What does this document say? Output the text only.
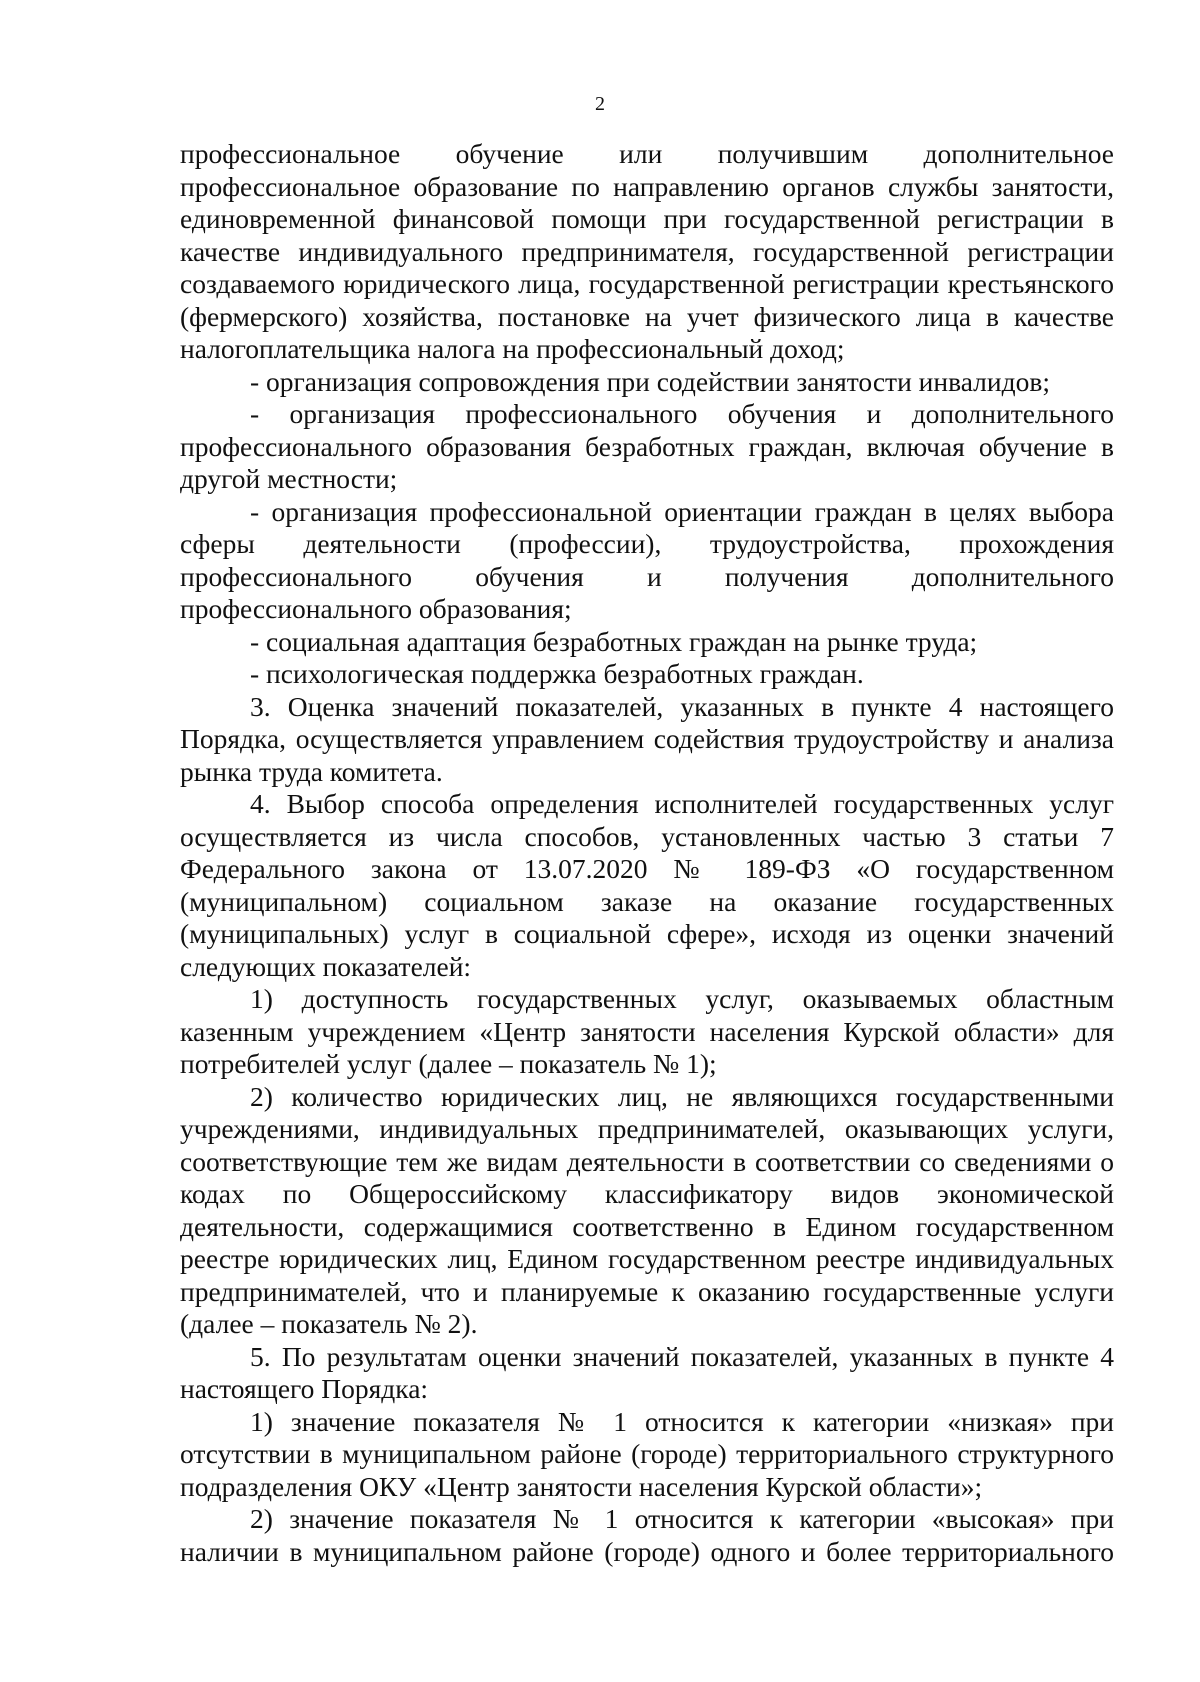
2

профессиональное обучение или получившим дополнительное профессиональное образование по направлению органов службы занятости, единовременной финансовой помощи при государственной регистрации в качестве индивидуального предпринимателя, государственной регистрации создаваемого юридического лица, государственной регистрации крестьянского (фермерского) хозяйства, постановке на учет физического лица в качестве налогоплательщика налога на профессиональный доход;

- организация сопровождения при содействии занятости инвалидов;

- организация профессионального обучения и дополнительного профессионального образования безработных граждан, включая обучение в другой местности;

- организация профессиональной ориентации граждан в целях выбора сферы деятельности (профессии), трудоустройства, прохождения профессионального обучения и получения дополнительного профессионального образования;

- социальная адаптация безработных граждан на рынке труда;

- психологическая поддержка безработных граждан.

3. Оценка значений показателей, указанных в пункте 4 настоящего Порядка, осуществляется управлением содействия трудоустройству и анализа рынка труда комитета.

4. Выбор способа определения исполнителей государственных услуг осуществляется из числа способов, установленных частью 3 статьи 7 Федерального закона от 13.07.2020 № 189-ФЗ «О государственном (муниципальном) социальном заказе на оказание государственных (муниципальных) услуг в социальной сфере», исходя из оценки значений следующих показателей:

1) доступность государственных услуг, оказываемых областным казенным учреждением «Центр занятости населения Курской области» для потребителей услуг (далее – показатель № 1);

2) количество юридических лиц, не являющихся государственными учреждениями, индивидуальных предпринимателей, оказывающих услуги, соответствующие тем же видам деятельности в соответствии со сведениями о кодах по Общероссийскому классификатору видов экономической деятельности, содержащимися соответственно в Едином государственном реестре юридических лиц, Едином государственном реестре индивидуальных предпринимателей, что и планируемые к оказанию государственные услуги (далее – показатель № 2).

5. По результатам оценки значений показателей, указанных в пункте 4 настоящего Порядка:

1) значение показателя № 1 относится к категории «низкая» при отсутствии в муниципальном районе (городе) территориального структурного подразделения ОКУ «Центр занятости населения Курской области»;

2) значение показателя № 1 относится к категории «высокая» при наличии в муниципальном районе (городе) одного и более территориального
